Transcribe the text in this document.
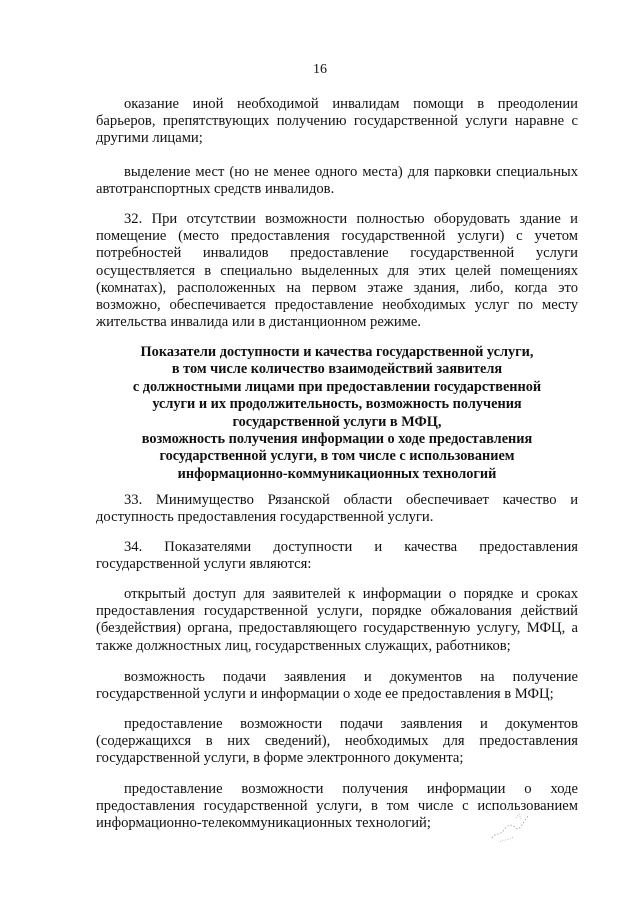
16
оказание иной необходимой инвалидам помощи в преодолении барьеров, препятствующих получению государственной услуги наравне с другими лицами;
выделение мест (но не менее одного места) для парковки специальных автотранспортных средств инвалидов.
32. При отсутствии возможности полностью оборудовать здание и помещение (место предоставления государственной услуги) с учетом потребностей инвалидов предоставление государственной услуги осуществляется в специально выделенных для этих целей помещениях (комнатах), расположенных на первом этаже здания, либо, когда это возможно, обеспечивается предоставление необходимых услуг по месту жительства инвалида или в дистанционном режиме.
Показатели доступности и качества государственной услуги,
в том числе количество взаимодействий заявителя
с должностными лицами при предоставлении государственной
услуги и их продолжительность, возможность получения
государственной услуги в МФЦ,
возможность получения информации о ходе предоставления
государственной услуги, в том числе с использованием
информационно-коммуникационных технологий
33. Минимущество Рязанской области обеспечивает качество и доступность предоставления государственной услуги.
34. Показателями доступности и качества предоставления государственной услуги являются:
открытый доступ для заявителей к информации о порядке и сроках предоставления государственной услуги, порядке обжалования действий (бездействия) органа, предоставляющего государственную услугу, МФЦ, а также должностных лиц, государственных служащих, работников;
возможность подачи заявления и документов на получение государственной услуги и информации о ходе ее предоставления в МФЦ;
предоставление возможности подачи заявления и документов (содержащихся в них сведений), необходимых для предоставления государственной услуги, в форме электронного документа;
предоставление возможности получения информации о ходе предоставления государственной услуги, в том числе с использованием информационно-телекоммуникационных технологий;
